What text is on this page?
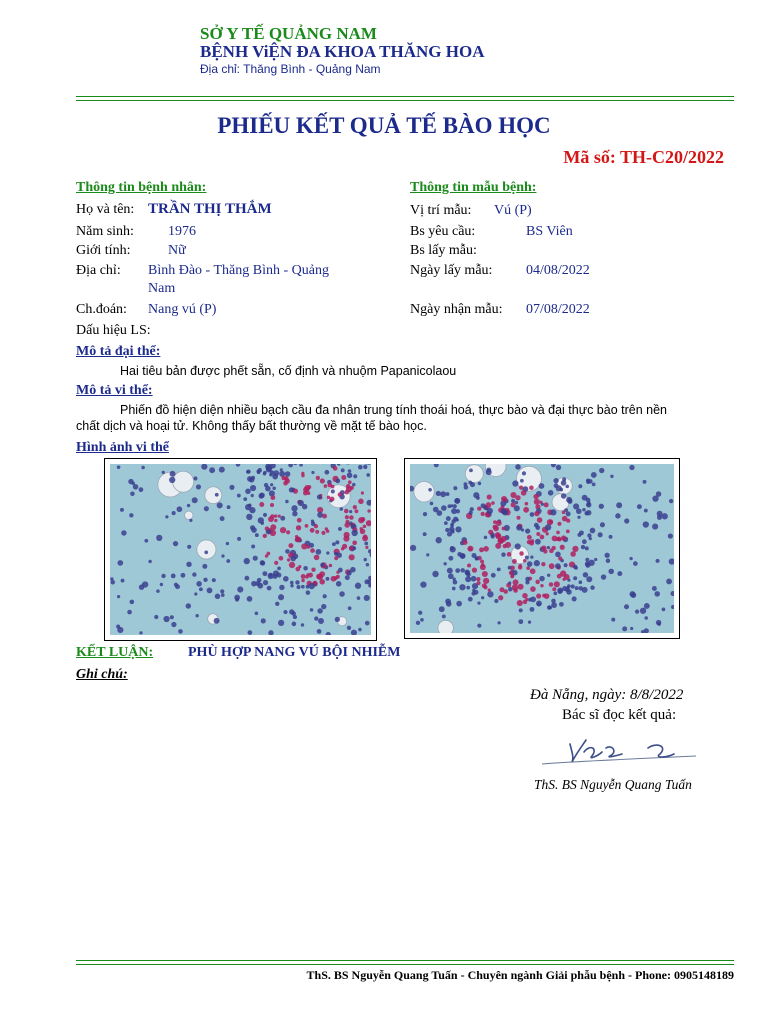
SỞ Y TẾ QUẢNG NAM
BỆNH ViỆN ĐA KHOA THĂNG HOA
Địa chỉ: Thăng Bình - Quảng Nam
PHIẾU KẾT QUẢ TẾ BÀO HỌC
Mã số: TH-C20/2022
Thông tin bệnh nhân:
Họ và tên: TRẦN THỊ THẮM
Năm sinh: 1976
Giới tính:	Nữ
Địa chỉ: Bình Đào - Thăng Bình - Quảng
Nam
Ch.đoán: Nang vú (P)
Dấu hiệu LS:
Thông tin mẫu bệnh:
Vị trí mẫu: Vú (P)
Bs yêu cầu:	BS Viên
Bs lấy mẫu:
Ngày lấy mẫu: 04/08/2022
Ngày nhận mẫu: 07/08/2022
Mô tả đại thể:
Hai tiêu bản được phết sẵn, cố định và nhuộm Papanicolaou
Mô tả vi thể:
Phiến đồ hiện diện nhiều bạch cầu đa nhân trung tính thoái hoá, thực bào và đại thực bào trên nền
chất dịch và hoại tử. Không thấy bất thường về mặt tế bào học.
Hình ảnh vi thể
KẾT LUẬN: PHÙ HỢP NANG VÚ BỘI NHIỄM
Ghi chú:
Đà Nẵng, ngày: 8/8/2022
Bác sĩ đọc kết quả:
ThS. BS Nguyễn Quang Tuấn
ThS. BS Nguyễn Quang Tuấn - Chuyên ngành Giải phẫu bệnh - Phone: 0905148189
